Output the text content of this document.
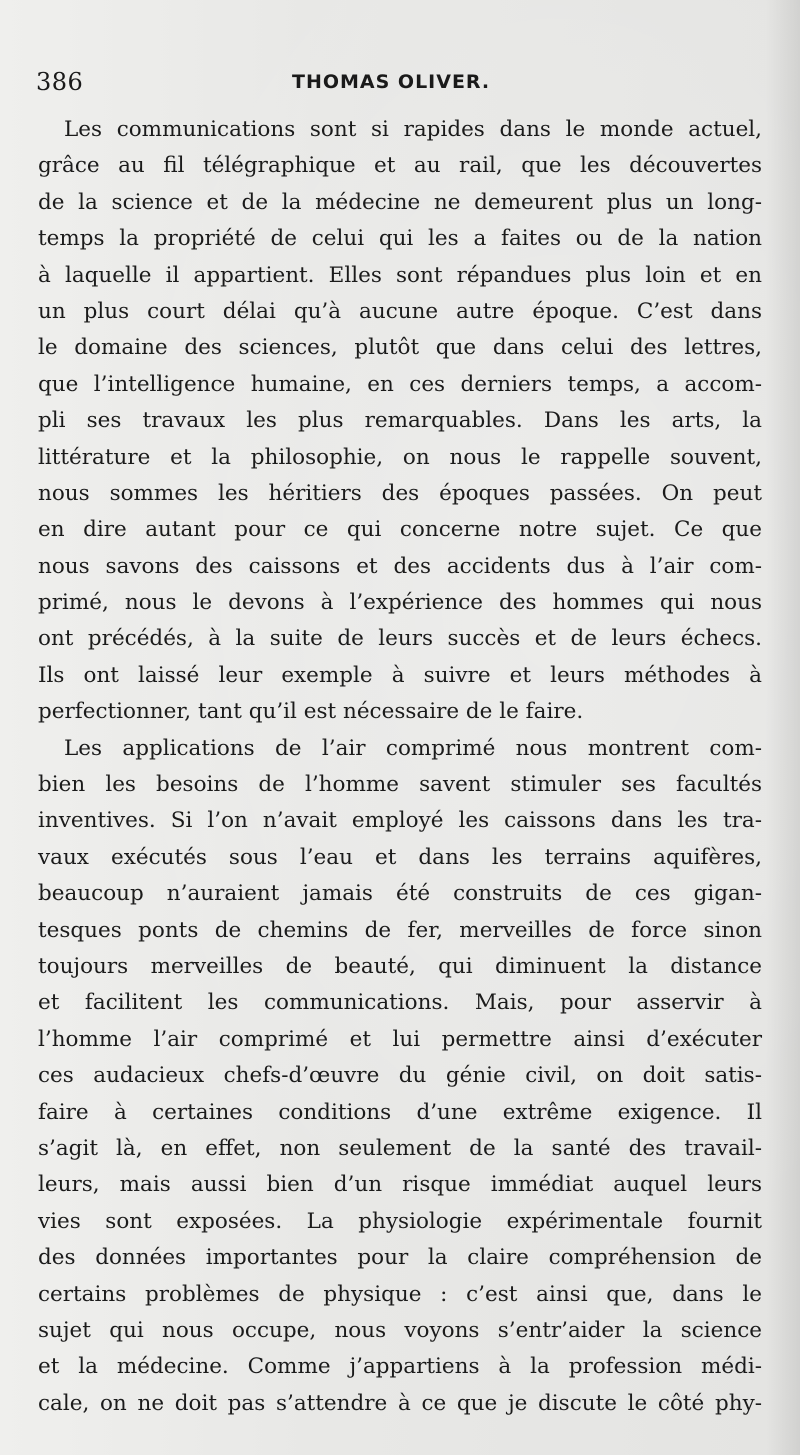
386	THOMAS OLIVER.
Les communications sont si rapides dans le monde actuel,
grâce au fil télégraphique et au rail, que les découvertes
de la science et de la médecine ne demeurent plus un long-
temps la propriété de celui qui les a faites ou de la nation
à laquelle il appartient. Elles sont répandues plus loin et en
un plus court délai qu’à aucune autre époque. C’est dans
le domaine des sciences, plutôt que dans celui des lettres,
que l’intelligence humaine, en ces derniers temps, a accom-
pli ses travaux les plus remarquables. Dans les arts, la
littérature et la philosophie, on nous le rappelle souvent,
nous sommes les héritiers des époques passées. On peut
en dire autant pour ce qui concerne notre sujet. Ce que
nous savons des caissons et des accidents dus à l’air com-
primé, nous le devons à l’expérience des hommes qui nous
ont précédés, à la suite de leurs succès et de leurs échecs.
Ils ont laissé leur exemple à suivre et leurs méthodes à
perfectionner, tant qu’il est nécessaire de le faire.
Les applications de l’air comprimé nous montrent com-
bien les besoins de l’homme savent stimuler ses facultés
inventives. Si l’on n’avait employé les caissons dans les tra-
vaux exécutés sous l’eau et dans les terrains aquifères,
beaucoup n’auraient jamais été construits de ces gigan-
tesques ponts de chemins de fer, merveilles de force sinon
toujours merveilles de beauté, qui diminuent la distance
et facilitent les communications. Mais, pour asservir à
l’homme l’air comprimé et lui permettre ainsi d’exécuter
ces audacieux chefs-d’œuvre du génie civil, on doit satis-
faire à certaines conditions d’une extrême exigence. Il
s’agit là, en effet, non seulement de la santé des travail-
leurs, mais aussi bien d’un risque immédiat auquel leurs
vies sont exposées. La physiologie expérimentale fournit
des données importantes pour la claire compréhension de
certains problèmes de physique : c’est ainsi que, dans le
sujet qui nous occupe, nous voyons s’entr’aider la science
et la médecine. Comme j’appartiens à la profession médi-
cale, on ne doit pas s’attendre à ce que je discute le côté phy-
